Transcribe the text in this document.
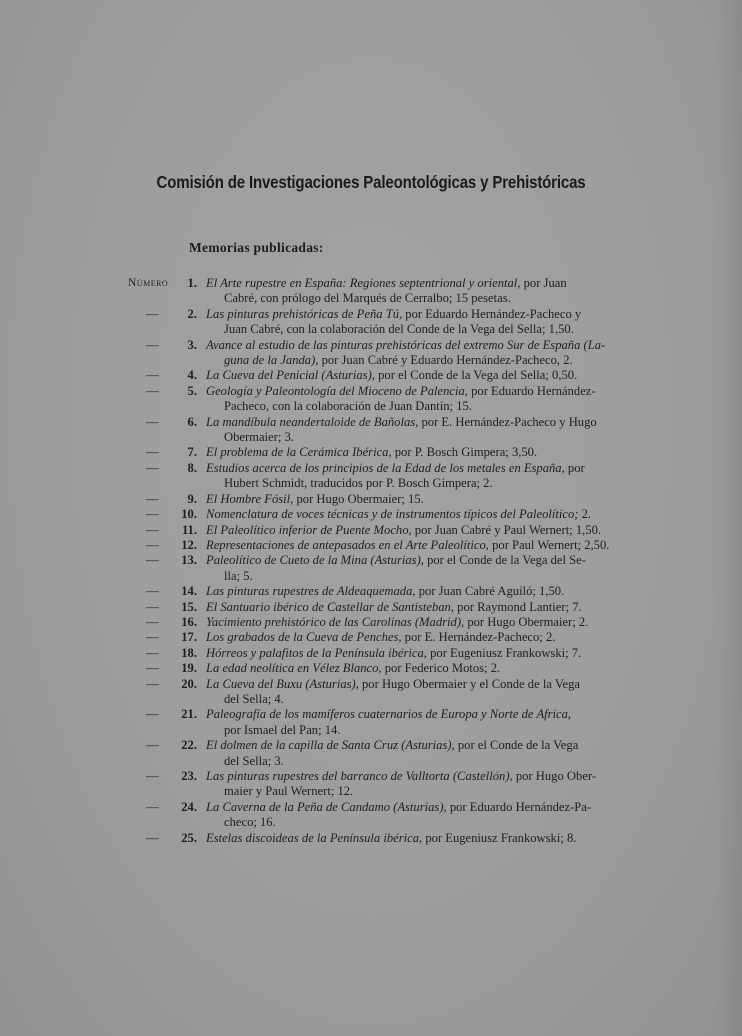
Comisión de Investigaciones Paleontológicas y Prehistóricas
Memorias publicadas:
Número	1. El Arte rupestre en España: Regiones septentrional y oriental, por Juan
Cabré, con prólogo del Marqués de Cerralbo; 15 pesetas.
—	2. Las pinturas prehistóricas de Peña Tú, por Eduardo Hernández-Pacheco y
Juan Cabré, con la colaboración del Conde de la Vega del Sella; 1,50.
—	3. Avance al estudio de las pinturas prehistóricas del extremo Sur de España (La-
guna de la Janda), por Juan Cabré y Eduardo Hernández-Pacheco, 2.
—	4. La Cueva del Penicial (Asturias), por el Conde de la Vega del Sella; 0,50.
—	5. Geología y Paleontología del Mioceno de Palencia, por Eduardo Hernández-
Pacheco, con la colaboración de Juan Dantín; 15.
—	6. La mandíbula neandertaloide de Bañolas, por E. Hernández-Pacheco y Hugo
Obermaier; 3.
—	7. El problema de la Cerámica Ibérica, por P. Bosch Gimpera; 3,50.
—	8. Estudios acerca de los principios de la Edad de los metales en España, por
Hubert Schmidt, traducidos por P. Bosch Gimpera; 2.
—	9. El Hombre Fósil, por Hugo Obermaier; 15.
—	10. Nomenclatura de voces técnicas y de instrumentos típicos del Paleolítico; 2.
—	11. El Paleolítico inferior de Puente Mocho, por Juan Cabré y Paul Wernert; 1,50.
—	12. Representaciones de antepasados en el Arte Paleolítico, por Paul Wernert; 2,50.
—	13. Paleolítico de Cueto de la Mina (Asturias), por el Conde de la Vega del Se-
lla; 5.
—	14. Las pinturas rupestres de Aldeaquemada, por Juan Cabré Aguiló; 1,50.
—	15. El Santuario ibérico de Castellar de Santisteban, por Raymond Lantier; 7.
—	16. Yacimiento prehistórico de las Carolinas (Madrid), por Hugo Obermaier; 2.
—	17. Los grabados de la Cueva de Penches, por E. Hernández-Pacheco; 2.
—	18. Hórreos y palafitos de la Península ibérica, por Eugeniusz Frankowski; 7.
—	19. La edad neolítica en Vélez Blanco, por Federico Motos; 2.
—	20. La Cueva del Buxu (Asturias), por Hugo Obermaier y el Conde de la Vega
del Sella; 4.
—	21. Paleografía de los mamíferos cuaternarios de Europa y Norte de Africa,
por Ismael del Pan; 14.
—	22. El dolmen de la capilla de Santa Cruz (Asturias), por el Conde de la Vega
del Sella; 3.
—	23. Las pinturas rupestres del barranco de Valltorta (Castellón), por Hugo Ober-
maier y Paul Wernert; 12.
—	24. La Caverna de la Peña de Candamo (Asturias), por Eduardo Hernández-Pa-
checo; 16.
—	25. Estelas discoideas de la Península ibérica, por Eugeniusz Frankowski; 8.
